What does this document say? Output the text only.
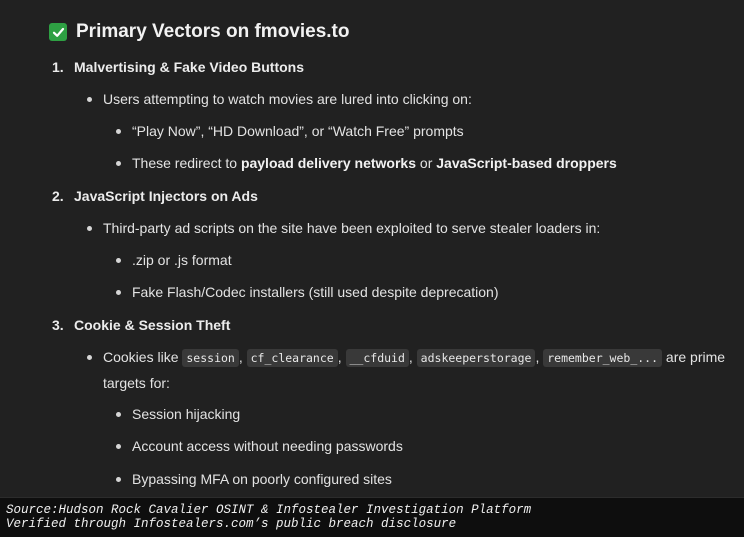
Primary Vectors on fmovies.to
1. Malvertising & Fake Video Buttons
Users attempting to watch movies are lured into clicking on:
“Play Now”, “HD Download”, or “Watch Free” prompts
These redirect to payload delivery networks or JavaScript-based droppers
2. JavaScript Injectors on Ads
Third-party ad scripts on the site have been exploited to serve stealer loaders in:
.zip or .js format
Fake Flash/Codec installers (still used despite deprecation)
3. Cookie & Session Theft
Cookies like session , cf_clearance , __cfduid , adskeeperstorage , remember_web_... are prime
targets for:
Session hijacking
Account access without needing passwords
Bypassing MFA on poorly configured sites
Source:Hudson Rock Cavalier OSINT & Infostealer Investigation Platform
Verified through Infostealers.com’s public breach disclosure
